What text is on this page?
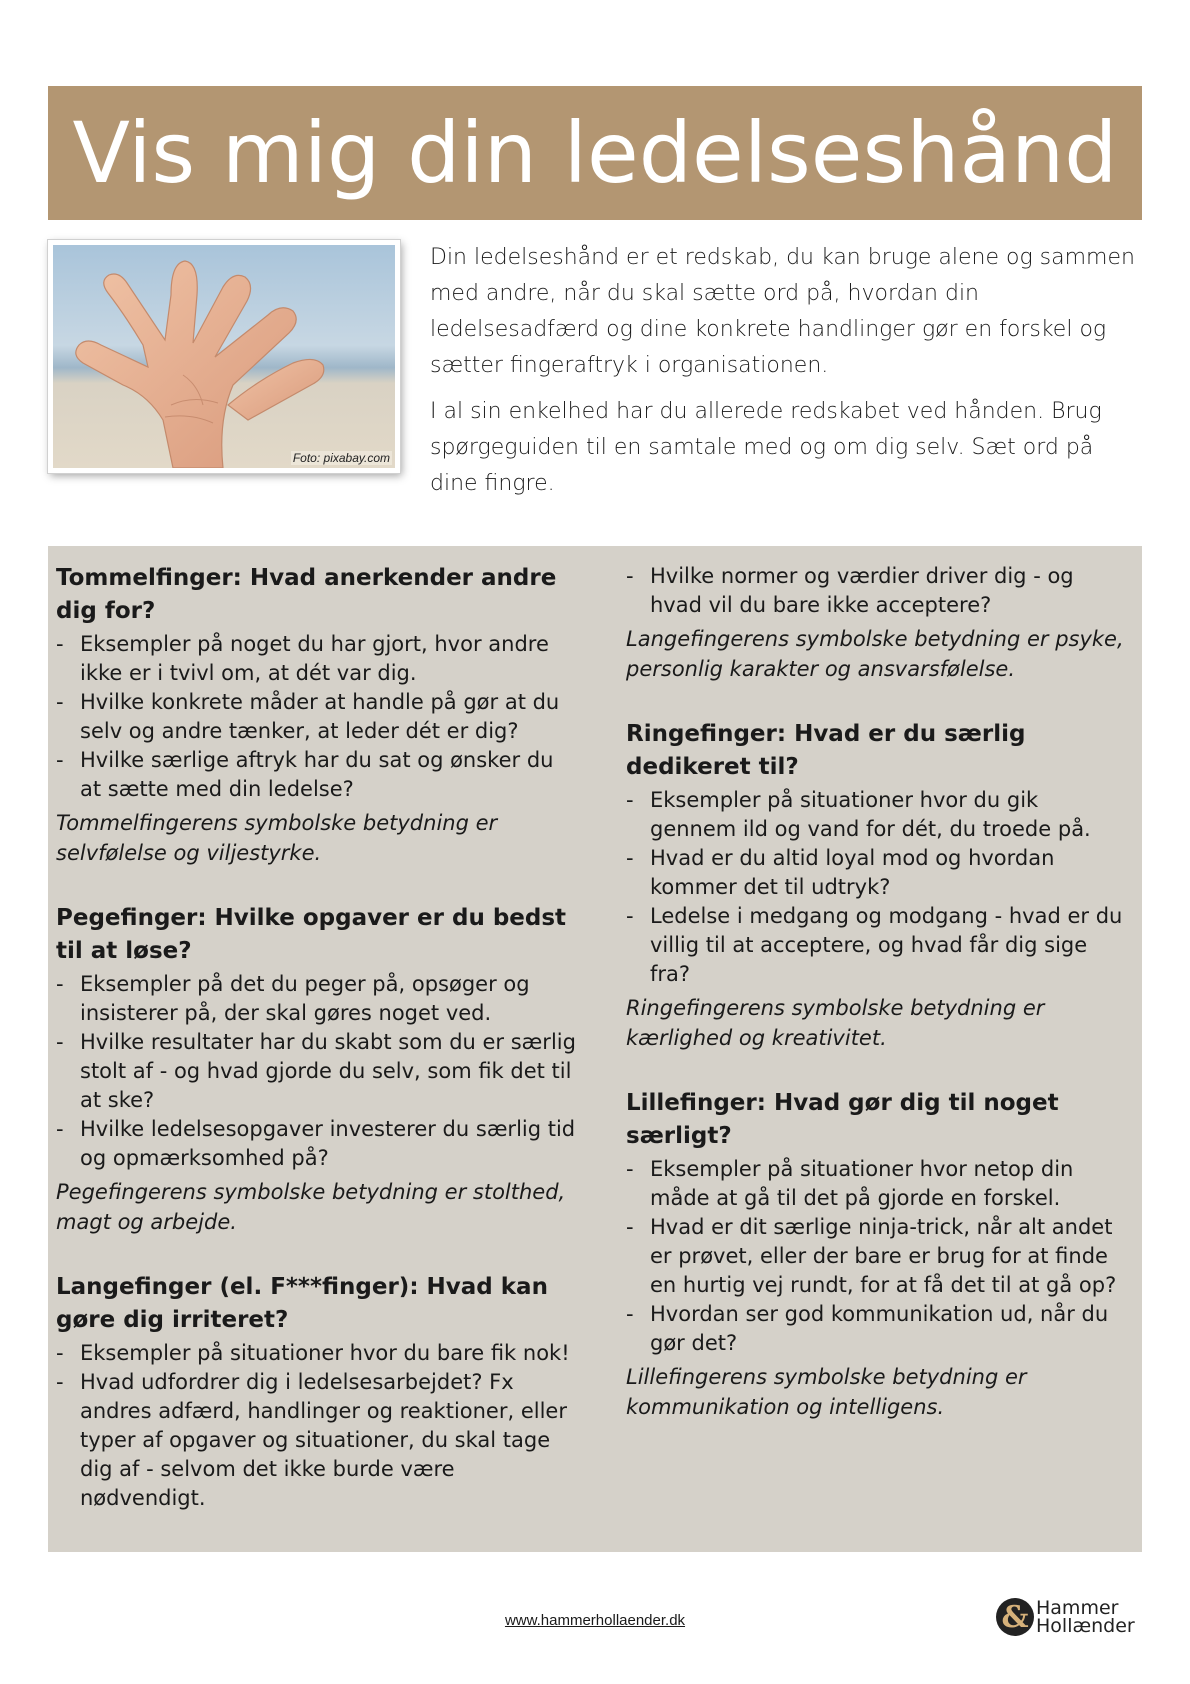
Vis mig din ledelseshånd
Foto: pixabay.com

Din ledelseshånd er et redskab, du kan bruge alene og sammen med andre, når du skal sætte ord på, hvordan din ledelsesadfærd og dine konkrete handlinger gør en forskel og sætter fingeraftryk i organisationen.

I al sin enkelhed har du allerede redskabet ved hånden. Brug spørgeguiden til en samtale med og om dig selv. Sæt ord på dine fingre.

Tommelfinger: Hvad anerkender andre dig for?
- Eksempler på noget du har gjort, hvor andre ikke er i tvivl om, at dét var dig.
- Hvilke konkrete måder at handle på gør at du selv og andre tænker, at leder dét er dig?
- Hvilke særlige aftryk har du sat og ønsker du at sætte med din ledelse?
Tommelfingerens symbolske betydning er selvfølelse og viljestyrke.
Pegefinger: Hvilke opgaver er du bedst til at løse?
- Eksempler på det du peger på, opsøger og insisterer på, der skal gøres noget ved.
- Hvilke resultater har du skabt som du er særlig stolt af - og hvad gjorde du selv, som fik det til at ske?
- Hvilke ledelsesopgaver investerer du særlig tid og opmærksomhed på?
Pegefingerens symbolske betydning er stolthed, magt og arbejde.
Langefinger (el. F***finger): Hvad kan gøre dig irriteret?
- Eksempler på situationer hvor du bare fik nok!
- Hvad udfordrer dig i ledelsesarbejdet? Fx andres adfærd, handlinger og reaktioner, eller typer af opgaver og situationer, du skal tage dig af - selvom det ikke burde være nødvendigt.
- Hvilke normer og værdier driver dig - og hvad vil du bare ikke acceptere?
Langefingerens symbolske betydning er psyke, personlig karakter og ansvarsfølelse.
Ringefinger: Hvad er du særlig dedikeret til?
- Eksempler på situationer hvor du gik gennem ild og vand for dét, du troede på.
- Hvad er du altid loyal mod og hvordan kommer det til udtryk?
- Ledelse i medgang og modgang - hvad er du villig til at acceptere, og hvad får dig sige fra?
Ringefingerens symbolske betydning er kærlighed og kreativitet.
Lillefinger: Hvad gør dig til noget særligt?
- Eksempler på situationer hvor netop din måde at gå til det på gjorde en forskel.
- Hvad er dit særlige ninja-trick, når alt andet er prøvet, eller der bare er brug for at finde en hurtig vej rundt, for at få det til at gå op?
- Hvordan ser god kommunikation ud, når du gør det?
Lillefingerens symbolske betydning er kommunikation og intelligens.
www.hammerhollaender.dk	& Hammer
Hollænder
